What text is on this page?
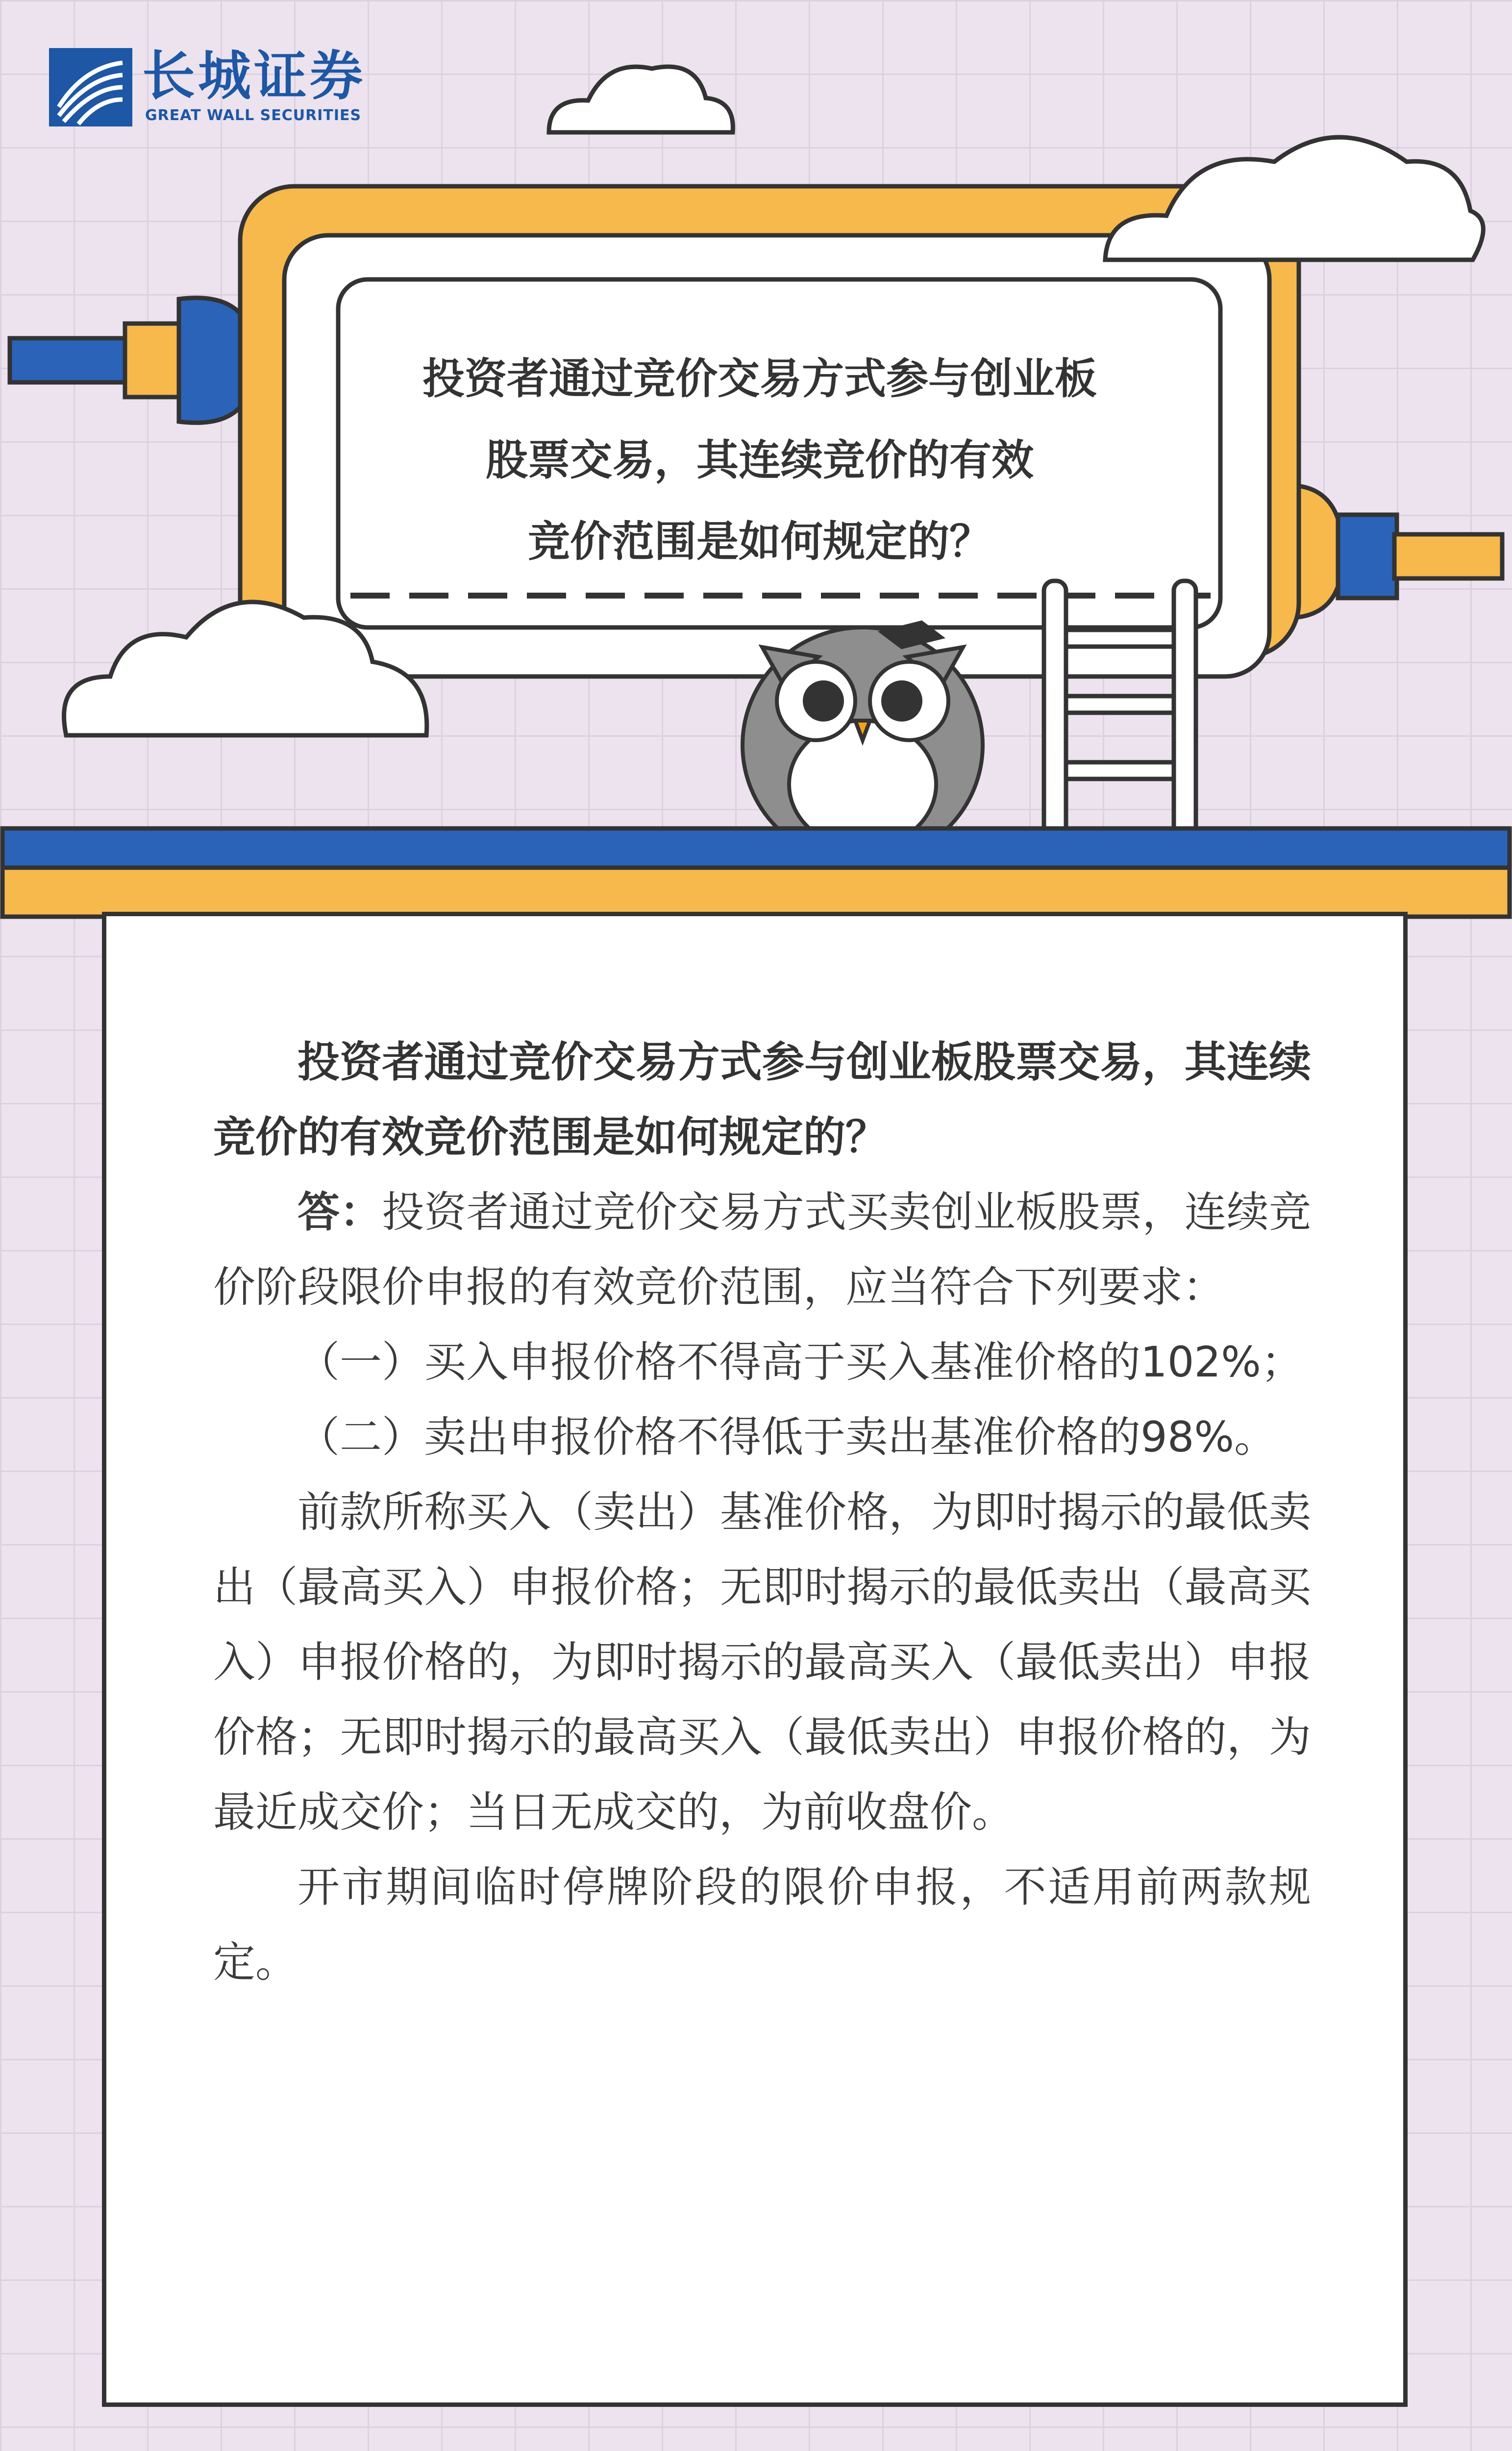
长城证券
GREAT WALL SECURITIES
投资者通过竞价交易方式参与创业板
股票交易，其连续竞价的有效
竞价范围是如何规定的？

投资者通过竞价交易方式参与创业板股票交易，其连续竞价的有效竞价范围是如何规定的？

答：投资者通过竞价交易方式买卖创业板股票，连续竞价阶段限价申报的有效竞价范围，应当符合下列要求：

（一）买入申报价格不得高于买入基准价格的102%；

（二）卖出申报价格不得低于卖出基准价格的98%。

前款所称买入（卖出）基准价格，为即时揭示的最低卖出（最高买入）申报价格；无即时揭示的最低卖出（最高买入）申报价格的，为即时揭示的最高买入（最低卖出）申报价格；无即时揭示的最高买入（最低卖出）申报价格的，为最近成交价；当日无成交的，为前收盘价。

开市期间临时停牌阶段的限价申报，不适用前两款规定。
